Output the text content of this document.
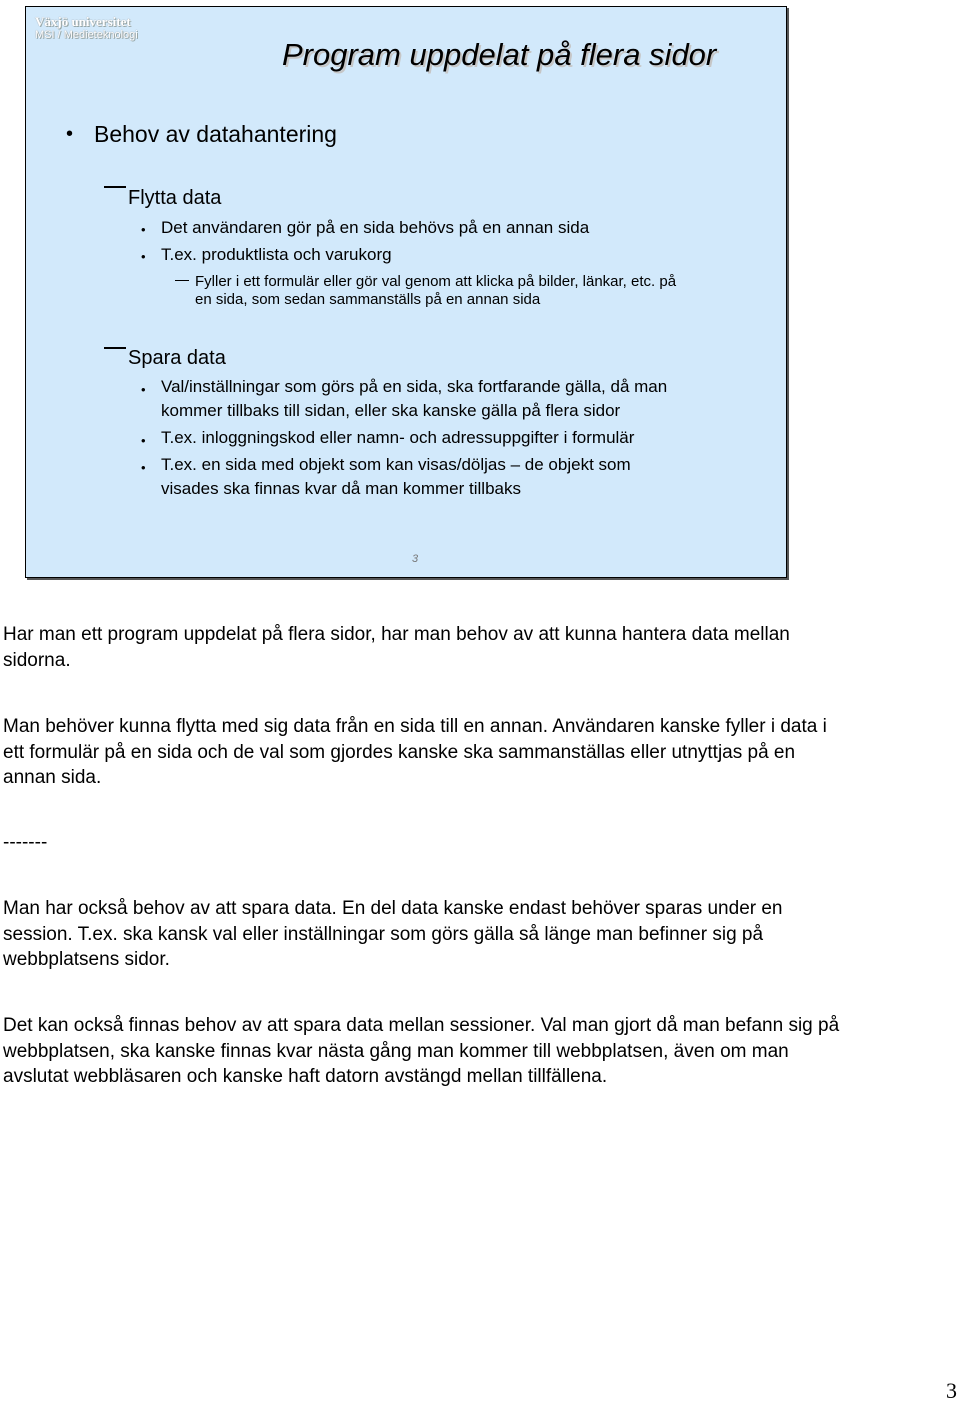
Växjö universitet
MSI / Medieteknologi
Program uppdelat på flera sidor
• Behov av datahantering
Flytta data
• Det användaren gör på en sida behövs på en annan sida
• T.ex. produktlista och varukorg
Fyller i ett formulär eller gör val genom att klicka på bilder, länkar, etc. på
en sida, som sedan sammanställs på en annan sida
Spara data
• Val/inställningar som görs på en sida, ska fortfarande gälla, då man
kommer tillbaks till sidan, eller ska kanske gälla på flera sidor
• T.ex. inloggningskod eller namn- och adressuppgifter i formulär
• T.ex. en sida med objekt som kan visas/döljas – de objekt som
visades ska finnas kvar då man kommer tillbaks
3

Har man ett program uppdelat på flera sidor, har man behov av att kunna hantera data mellan sidorna.

Man behöver kunna flytta med sig data från en sida till en annan. Användaren kanske fyller i data i ett formulär på en sida och de val som gjordes kanske ska sammanställas eller utnyttjas på en annan sida.

-------

Man har också behov av att spara data. En del data kanske endast behöver sparas under en session. T.ex. ska kansk val eller inställningar som görs gälla så länge man befinner sig på webbplatsens sidor.

Det kan också finnas behov av att spara data mellan sessioner. Val man gjort då man befann sig på webbplatsen, ska kanske finnas kvar nästa gång man kommer till webbplatsen, även om man avslutat webbläsaren och kanske haft datorn avstängd mellan tillfällena.

3
